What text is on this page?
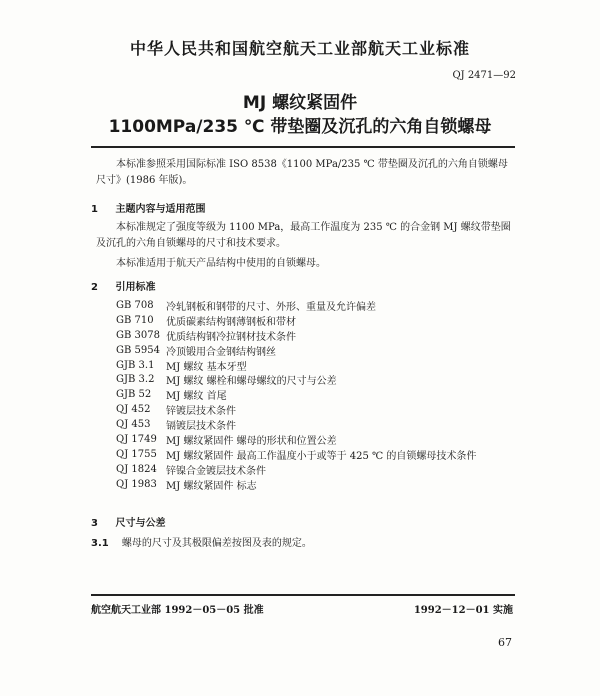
中华人民共和国航空航天工业部航天工业标准
QJ 2471—92
MJ 螺纹紧固件
1100MPa/235 ℃ 带垫圈及沉孔的六角自锁螺母
本标准参照采用国际标准 ISO 8538《1100 MPa/235 ℃ 带垫圈及沉孔的六角自锁螺母尺寸》(1986 年版)。
1 主题内容与适用范围
本标准规定了强度等级为 1100 MPa，最高工作温度为 235 ℃ 的合金钢 MJ 螺纹带垫圈及沉孔的六角自锁螺母的尺寸和技术要求。
本标准适用于航天产品结构中使用的自锁螺母。
2 引用标准
GB 708	冷轧钢板和钢带的尺寸、外形、重量及允许偏差
GB 710	优质碳素结构钢薄钢板和带材
GB 3078 优质结构钢冷拉钢材技术条件
GB 5954 冷顶锻用合金钢结构钢丝
GJB 3.1	MJ 螺纹 基本牙型
GJB 3.2	MJ 螺纹 螺栓和螺母螺纹的尺寸与公差
GJB 52	MJ 螺纹 首尾
QJ 452	锌镀层技术条件
QJ 453	镉镀层技术条件
QJ 1749 MJ 螺纹紧固件 螺母的形状和位置公差
QJ 1755 MJ 螺纹紧固件 最高工作温度小于或等于 425 ℃ 的自锁螺母技术条件
QJ 1824 锌镍合金镀层技术条件
QJ 1983 MJ 螺纹紧固件 标志
3 尺寸与公差
3.1 螺母的尺寸及其极限偏差按图及表的规定。
航空航天工业部 1992－05－05 批准	1992－12－01 实施
67
